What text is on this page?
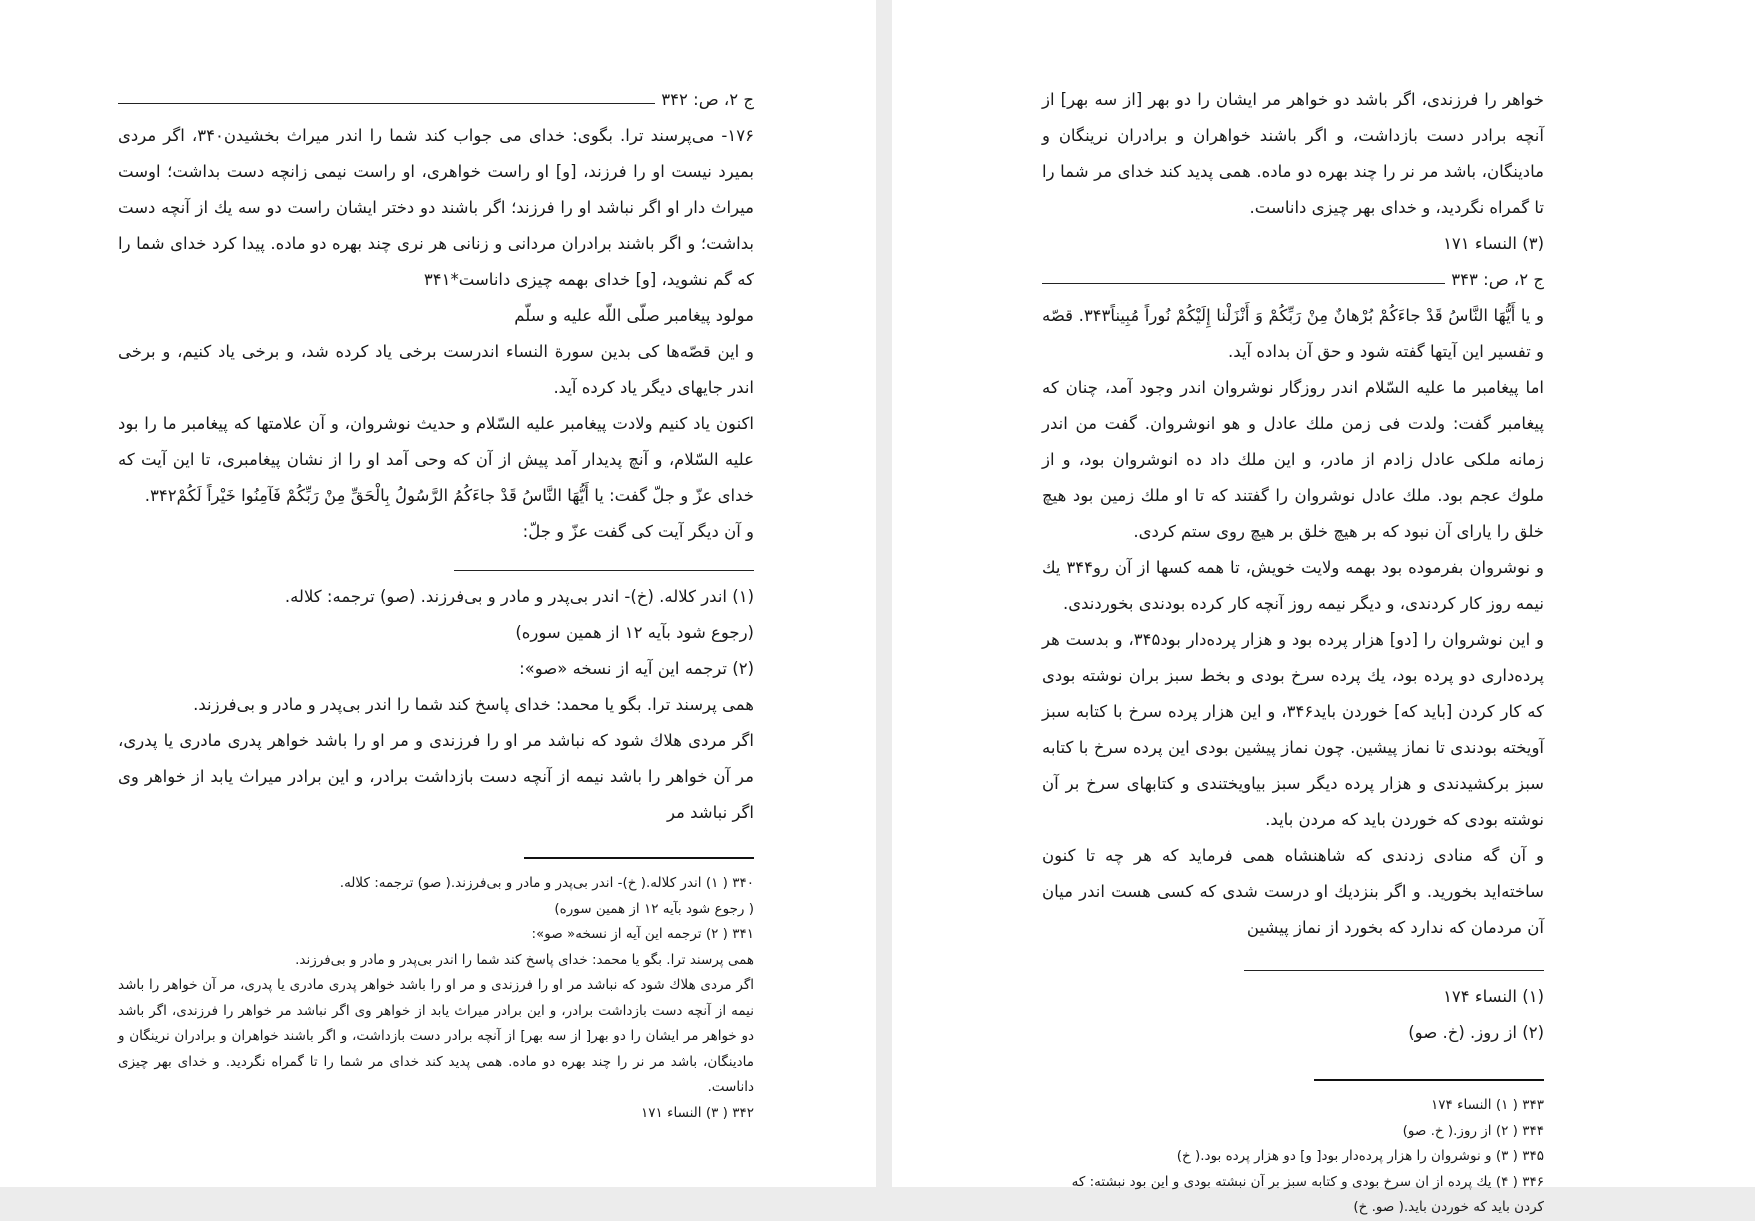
ج ۲، ص: ۳۴۲

۱۷۶- می‌پرسند ترا. بگوی: خدای می جواب کند شما را اندر میراث بخشیدن۳۴۰، اگر مردی بمیرد نیست او را فرزند، [و] او راست خواهری، او راست نیمی زانچه دست بداشت؛ اوست میراث دار او اگر نباشد او را فرزند؛ اگر باشند دو دختر ایشان راست دو سه يك از آنچه دست بداشت؛ و اگر باشند برادران مردانی و زنانی هر نری چند بهره دو ماده. پیدا کرد خدای شما را که گم نشوید، [و] خدای بهمه چیزی داناست*۳۴۱

مولود پیغامبر صلّى اللّه علیه و سلّم

و این قصّه‌ها کی بدین سورة النساء اندرست برخی یاد کرده شد، و برخی یاد کنیم، و برخی اندر جایهای دیگر یاد کرده آید.

اکنون یاد کنیم ولادت پیغامبر علیه السّلام و حدیث نوشروان، و آن علامتها که پیغامبر ما را بود علیه السّلام، و آنچ پدیدار آمد پیش از آن که وحی آمد او را از نشان پیغامبری، تا این آیت که خدای عزّ و جلّ گفت: يا أَيُّهَا النَّاسُ قَدْ جاءَكُمُ الرَّسُولُ بِالْحَقِّ مِنْ رَبِّكُمْ فَآمِنُوا خَيْراً لَكُمْ۳۴۲.

و آن دیگر آیت کی گفت عزّ و جلّ:

(۱) اندر کلاله. (خ)- اندر بی‌پدر و مادر و بی‌فرزند. (صو) ترجمه: کلاله.

(رجوع شود بآیه ۱۲ از همین سوره)

(۲) ترجمه این آیه از نسخه «صو»:

همی پرسند ترا. بگو یا محمد: خدای پاسخ کند شما را اندر بی‌پدر و مادر و بی‌فرزند.

اگر مردی هلاك شود که نباشد مر او را فرزندی و مر او را باشد خواهر پدری مادری یا پدری، مر آن خواهر را باشد نیمه از آنچه دست بازداشت برادر، و این برادر میراث یابد از خواهر وی اگر نباشد مر

۳۴۰ ( ۱) اندر کلاله.( خ)- اندر بی‌پدر و مادر و بی‌فرزند.( صو) ترجمه: کلاله.

( رجوع شود بآیه ۱۲ از همین سوره)

۳۴۱ ( ۲) ترجمه این آیه از نسخه« صو»:

همی پرسند ترا. بگو یا محمد: خدای پاسخ کند شما را اندر بی‌پدر و مادر و بی‌فرزند.

اگر مردی هلاك شود که نباشد مر او را فرزندی و مر او را باشد خواهر پدری مادری یا پدری، مر آن خواهر را باشد نیمه از آنچه دست بازداشت برادر، و این برادر میراث یابد از خواهر وی اگر نباشد مر خواهر را فرزندی، اگر باشد دو خواهر مر ایشان را دو بهر[ از سه بهر] از آنچه برادر دست بازداشت، و اگر باشند خواهران و برادران نرینگان و مادینگان، باشد مر نر را چند بهره دو ماده. همی پدید کند خدای مر شما را تا گمراه نگردید. و خدای بهر چیزی داناست.

۳۴۲ ( ۳) النساء ۱۷۱

خواهر را فرزندی، اگر باشد دو خواهر مر ایشان را دو بهر [از سه بهر] از آنچه برادر دست بازداشت، و اگر باشند خواهران و برادران نرینگان و مادینگان، باشد مر نر را چند بهره دو ماده. همی پدید کند خدای مر شما را تا گمراه نگردید، و خدای بهر چیزی داناست.

(۳) النساء ۱۷۱

ج ۲، ص: ۳۴۳

و يا أَيُّهَا النَّاسُ قَدْ جاءَكُمْ بُرْهانٌ مِنْ رَبِّكُمْ وَ أَنْزَلْنا إِلَيْكُمْ نُوراً مُبِيناً۳۴۳. قصّه و تفسیر این آیتها گفته شود و حق آن بداده آید.

اما پیغامبر ما علیه السّلام اندر روزگار نوشروان اندر وجود آمد، چنان که پیغامبر گفت: ولدت فی زمن ملك عادل و هو انوشروان. گفت من اندر زمانه ملکی عادل زادم از مادر، و این ملك داد ده انوشروان بود، و از ملوك عجم بود. ملك عادل نوشروان را گفتند که تا او ملك زمین بود هیچ خلق را یارای آن نبود که بر هیچ خلق بر هیچ روی ستم کردی.

و نوشروان بفرموده بود بهمه ولایت خویش، تا همه کسها از آن رو۳۴۴ يك نیمه روز کار کردندی، و دیگر نیمه روز آنچه کار کرده بودندی بخوردندی.

و این نوشروان را [دو] هزار پرده بود و هزار پرده‌دار بود۳۴۵، و بدست هر پرده‌داری دو پرده بود، يك پرده سرخ بودی و بخط سبز بران نوشته بودی که کار کردن [باید که] خوردن باید۳۴۶، و این هزار پرده سرخ با کتابه سبز آویخته بودندی تا نماز پیشین. چون نماز پیشین بودی این پرده سرخ با کتابه سبز برکشیدندی و هزار پرده دیگر سبز بیاویختندی و کتابهای سرخ بر آن نوشته بودی که خوردن باید که مردن باید.

و آن گه منادی زدندی که شاهنشاه همی فرماید که هر چه تا کنون ساخته‌اید بخورید. و اگر بنزدیك او درست شدی که کسی هست اندر میان آن مردمان که ندارد که بخورد از نماز پیشین

(۱) النساء ۱۷۴

(۲) از روز. (خ. صو)

۳۴۳ ( ۱) النساء ۱۷۴

۳۴۴ ( ۲) از روز.( خ. صو)

۳۴۵ ( ۳) و نوشروان را هزار پرده‌دار بود[ و] دو هزار پرده بود.( خ)

۳۴۶ ( ۴) يك پرده از ان سرخ بودی و کتابه سبز بر آن نبشته بودی و این بود نبشته: که کردن باید که خوردن باید.( صو. خ)
